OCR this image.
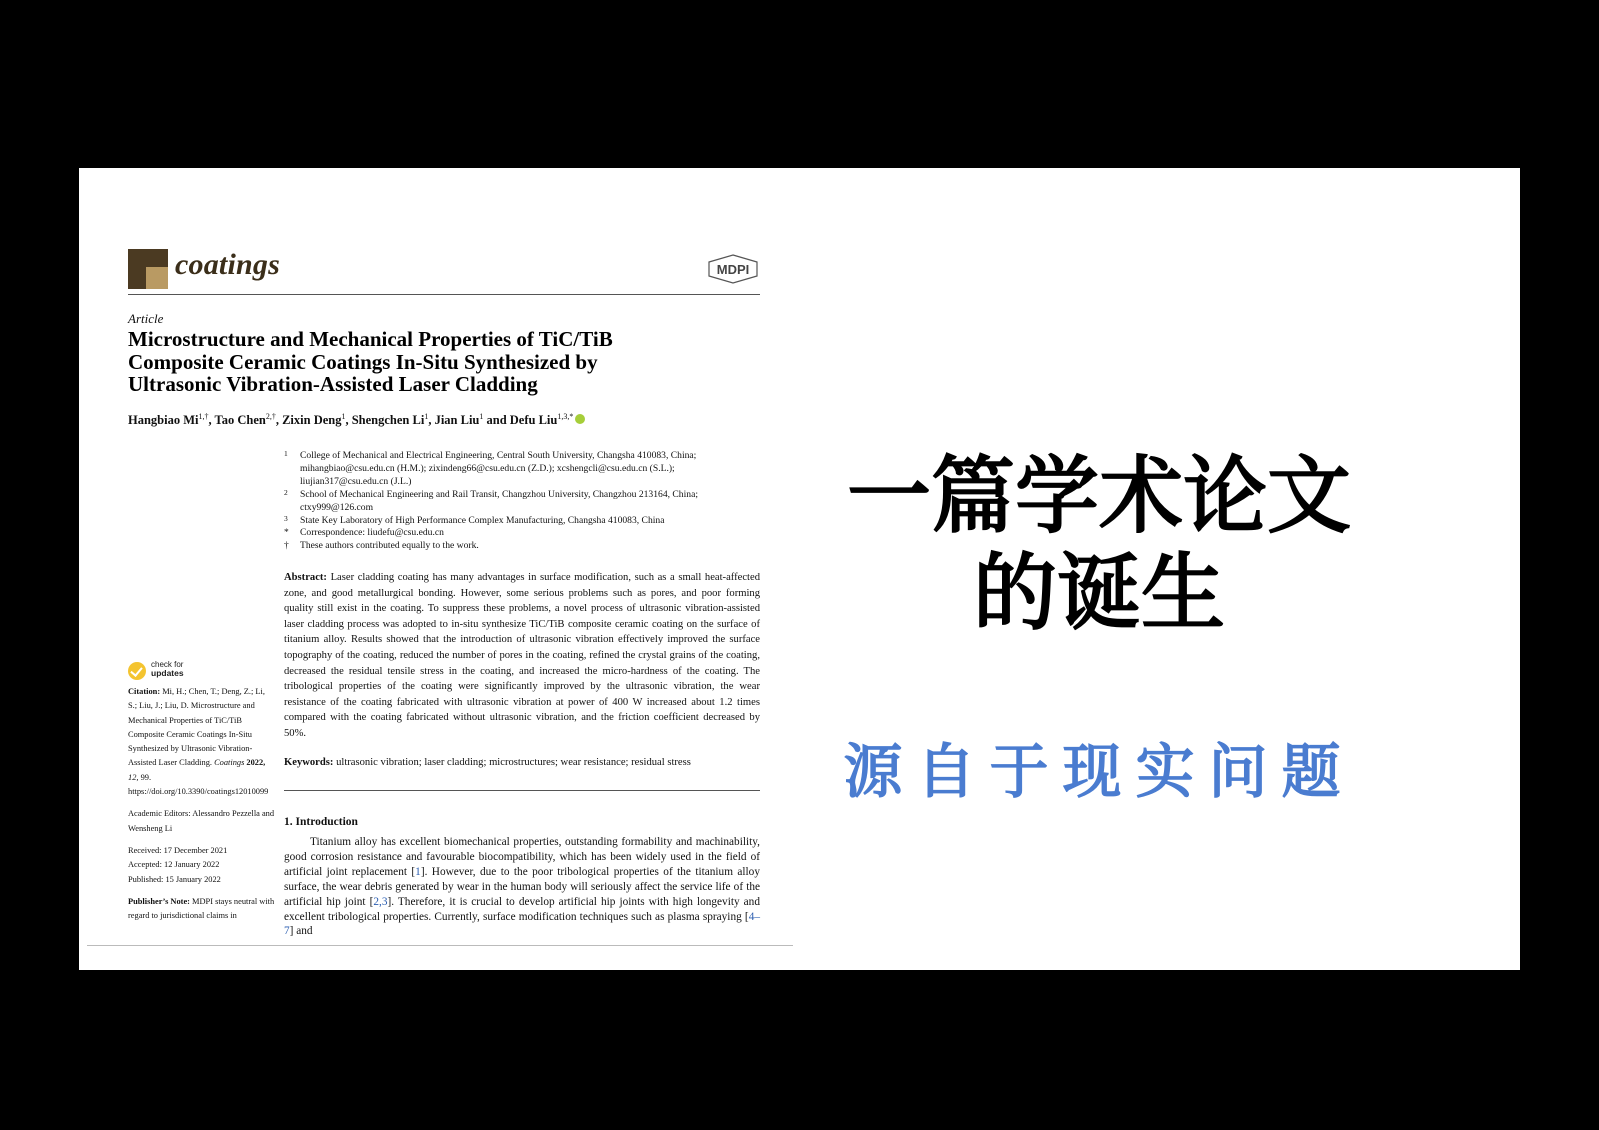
coatings	MDPI
Article
Microstructure and Mechanical Properties of TiC/TiB
Composite Ceramic Coatings In-Situ Synthesized by
Ultrasonic Vibration-Assisted Laser Cladding
Hangbiao $Mi^{1,\dagger}$, Tao Chen$^{2,\dagger}$, Zixin Deng$^1$, Shengchen Li$^1$, Jian Liu$^1$ and Defu Liu$^{1,3,*}$
1 College of Mechanical and Electrical Engineering, Central South University, Changsha 410083, China;
mihangbiao@csu.edu.cn (H.M.); zixindeng66@csu.edu.cn (Z.D.); xcshengcli@csu.edu.cn (S.L.);
liujian317@csu.edu.cn (J.L.)
2 School of Mechanical Engineering and Rail Transit, Changzhou University, Changzhou 213164, China;
ctxy999@126.com
3 State Key Laboratory of High Performance Complex Manufacturing, Changsha 410083, China
* Correspondence: liudefu@csu.edu.cn
† These authors contributed equally to the work.
Abstract: Laser cladding coating has many advantages in surface modification, such as a small heat-affected zone, and good metallurgical bonding. However, some serious problems such as pores, and poor forming quality still exist in the coating. To suppress these problems, a novel process of ultrasonic vibration-assisted laser cladding process was adopted to in-situ synthesize TiC/TiB composite ceramic coating on the surface of titanium alloy. Results showed that the introduction of ultrasonic vibration effectively improved the surface topography of the coating, reduced the number of pores in the coating, refined the crystal grains of the coating, decreased the residual tensile stress in the coating, and increased the micro-hardness of the coating. The tribological properties of the coating were significantly improved by the ultrasonic vibration, the wear resistance of the coating fabricated with ultrasonic vibration at power of 400 W increased about 1.2 times compared with the coating fabricated without ultrasonic vibration, and the friction coefficient decreased by 50%.
Keywords: ultrasonic vibration; laser cladding; microstructures; wear resistance; residual stress
1. Introduction
Titanium alloy has excellent biomechanical properties, outstanding formability and machinability, good corrosion resistance and favourable biocompatibility, which has been widely used in the field of artificial joint replacement [1]. However, due to the poor tribological properties of the titanium alloy surface, the wear debris generated by wear in the human body will seriously affect the service life of the artificial hip joint [2,3]. Therefore, it is crucial to develop artificial hip joints with high longevity and excellent tribological properties. Currently, surface modification techniques such as plasma spraying [4–7] and
check for
updates

Citation: Mi, H.; Chen, T.; Deng, Z.; Li, S.; Liu, J.; Liu, D. Microstructure and Mechanical Properties of TiC/TiB Composite Ceramic Coatings In-Situ Synthesized by Ultrasonic Vibration-Assisted Laser Cladding. Coatings 2022, 12, 99. https://doi.org/10.3390/coatings12010099

Academic Editors: Alessandro Pezzella and Wensheng Li

Received: 17 December 2021

Accepted: 12 January 2022

Published: 15 January 2022

Publisher’s Note: MDPI stays neutral with regard to jurisdictional claims in

一篇学术论文
的诞生
源自于现实问题
